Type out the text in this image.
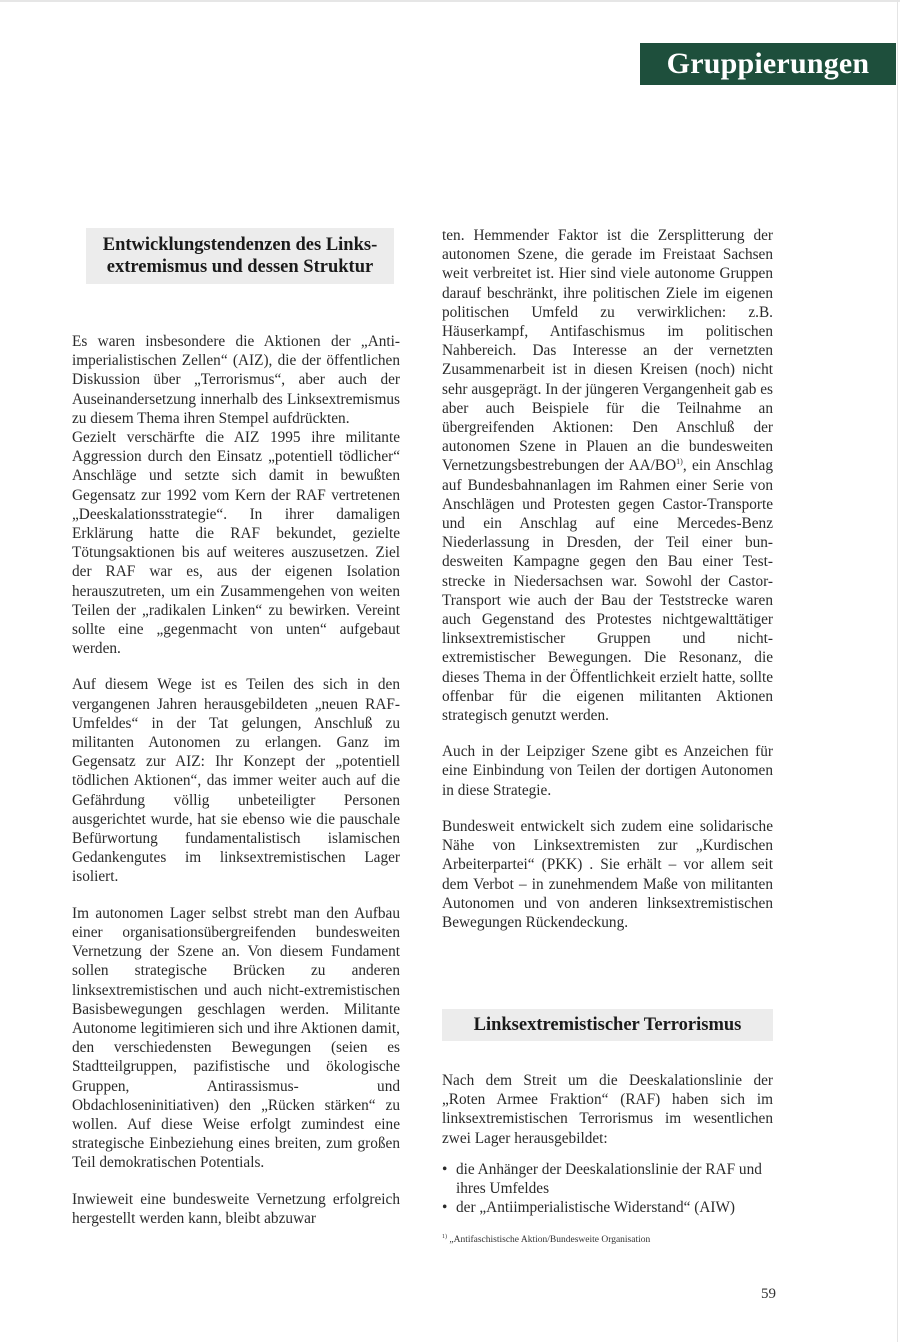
Gruppierungen
Entwicklungstendenzen des Links-
extremismus und dessen Struktur

Es waren insbesondere die Aktionen der „Antiimperialistischen Zellen“ (AIZ), die der öffentlichen Diskussion über „Terrorismus“, aber auch der Auseinandersetzung innerhalb des Linksextremismus zu diesem Thema ihren Stempel aufdrückten.

Gezielt verschärfte die AIZ 1995 ihre militante Aggression durch den Einsatz „potentiell tödlicher“ Anschläge und setzte sich damit in bewußten Gegensatz zur 1992 vom Kern der RAF vertretenen „Deeskalationsstrategie“. In ihrer damaligen Erklärung hatte die RAF bekundet, gezielte Tötungsaktionen bis auf weiteres auszusetzen. Ziel der RAF war es, aus der eigenen Isolation herauszutreten, um ein Zusammengehen von weiten Teilen der „radikalen Linken“ zu bewirken. Vereint sollte eine „gegenmacht von unten“ aufgebaut werden.

Auf diesem Wege ist es Teilen des sich in den vergangenen Jahren herausgebildeten „neuen RAF-Umfeldes“ in der Tat gelungen, Anschluß zu militanten Autonomen zu erlangen. Ganz im Gegensatz zur AIZ: Ihr Konzept der „potentiell tödlichen Aktionen“, das immer weiter auch auf die Gefährdung völlig unbeteiligter Personen ausgerichtet wurde, hat sie ebenso wie die pauschale Befürwortung fundamentalistisch islamischen Gedankengutes im linksextremistischen Lager isoliert.

Im autonomen Lager selbst strebt man den Aufbau einer organisationsübergreifenden bundesweiten Vernetzung der Szene an. Von diesem Fundament sollen strategische Brücken zu anderen linksextremistischen und auch nicht-extremistischen Basisbewegungen geschlagen werden. Militante Autonome legitimieren sich und ihre Aktionen damit, den verschiedensten Bewegungen (seien es Stadtteilgruppen, pazifistische und ökologische Gruppen, Antirassismus- und Obdachloseninitiativen) den „Rücken stärken“ zu wollen. Auf diese Weise erfolgt zumindest eine strategische Einbeziehung eines breiten, zum großen Teil demokratischen Potentials.

Inwieweit eine bundesweite Vernetzung erfolgreich hergestellt werden kann, bleibt abzuwar

ten. Hemmender Faktor ist die Zersplitterung der autonomen Szene, die gerade im Freistaat Sachsen weit verbreitet ist. Hier sind viele autonome Gruppen darauf beschränkt, ihre politischen Ziele im eigenen politischen Umfeld zu verwirklichen: z.B. Häuserkampf, Antifaschismus im politischen Nahbereich. Das Interesse an der vernetzten Zusammenarbeit ist in diesen Kreisen (noch) nicht sehr ausgeprägt. In der jüngeren Vergangenheit gab es aber auch Beispiele für die Teilnahme an übergreifenden Aktionen: Den Anschluß der autonomen Szene in Plauen an die bundesweiten Vernetzungsbestrebungen der AA/BO$^{1)}$, ein Anschlag auf Bundesbahnanlagen im Rahmen einer Serie von Anschlägen und Protesten gegen Castor-Transporte und ein Anschlag auf eine Mercedes-Benz Niederlassung in Dresden, der Teil einer bundesweiten Kampagne gegen den Bau einer Teststrecke in Niedersachsen war. Sowohl der Castor-Transport wie auch der Bau der Teststrecke waren auch Gegenstand des Protestes nichtgewalttätiger linksextremistischer Gruppen und nicht-extremistischer Bewegungen. Die Resonanz, die dieses Thema in der Öffentlichkeit erzielt hatte, sollte offenbar für die eigenen militanten Aktionen strategisch genutzt werden.

Auch in der Leipziger Szene gibt es Anzeichen für eine Einbindung von Teilen der dortigen Autonomen in diese Strategie.

Bundesweit entwickelt sich zudem eine solidarische Nähe von Linksextremisten zur „Kurdischen Arbeiterpartei“ (PKK) . Sie erhält – vor allem seit dem Verbot – in zunehmendem Maße von militanten Autonomen und von anderen linksextremistischen Bewegungen Rückendeckung.

Linksextremistischer Terrorismus

Nach dem Streit um die Deeskalationslinie der „Roten Armee Fraktion“ (RAF) haben sich im linksextremistischen Terrorismus im wesentlichen zwei Lager herausgebildet:

• die Anhänger der Deeskalationslinie der RAF und ihres Umfeldes
• der „Antiimperialistische Widerstand“ (AIW)
$^{1)}$ „Antifaschistische Aktion/Bundesweite Organisation
59
